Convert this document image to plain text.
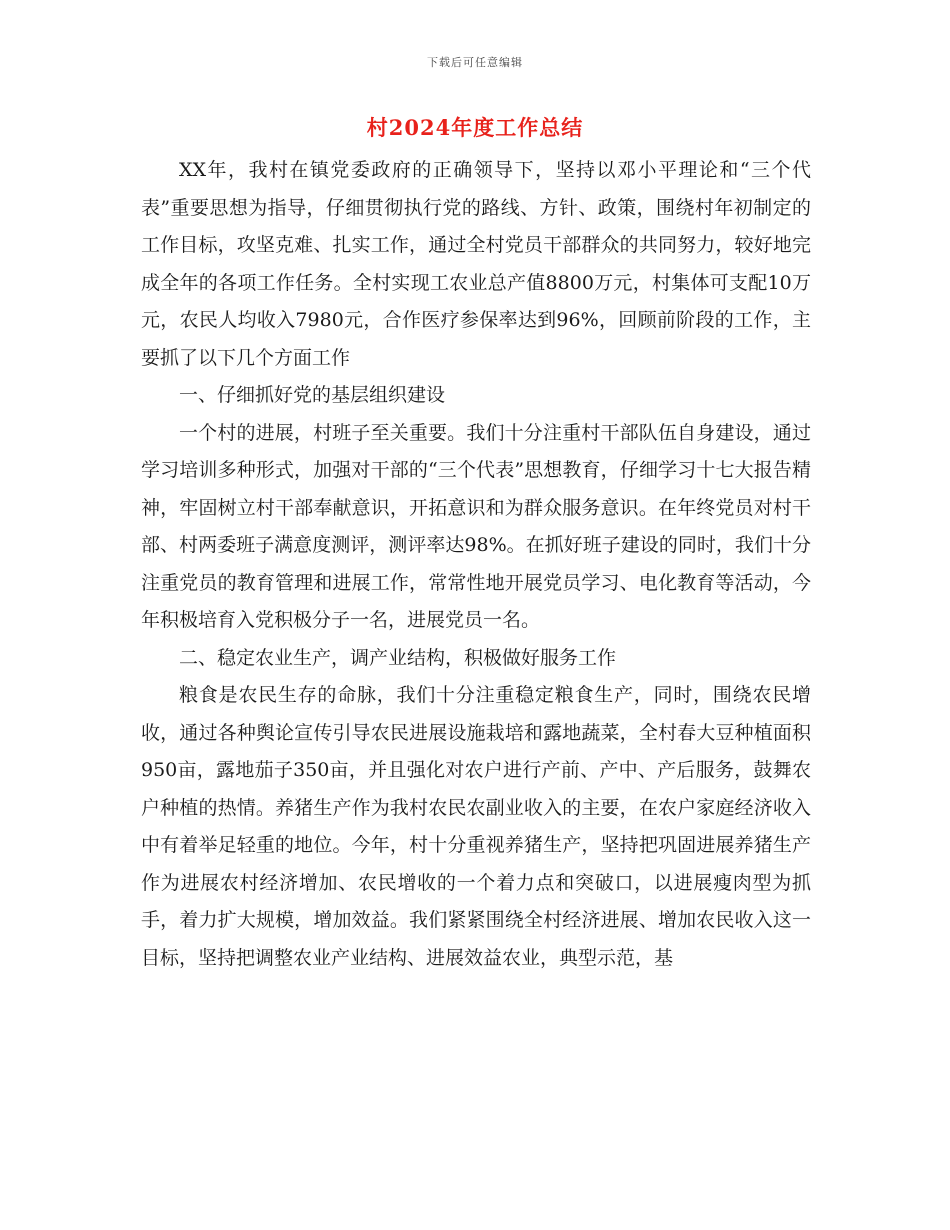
下载后可任意编辑
村2024年度工作总结

XX年，我村在镇党委政府的正确领导下，坚持以邓小平理论和“三个代表”重要思想为指导，仔细贯彻执行党的路线、方针、政策，围绕村年初制定的工作目标，攻坚克难、扎实工作，通过全村党员干部群众的共同努力，较好地完成全年的各项工作任务。全村实现工农业总产值8800万元，村集体可支配10万元，农民人均收入7980元，合作医疗参保率达到96%，回顾前阶段的工作，主要抓了以下几个方面工作

一、仔细抓好党的基层组织建设

一个村的进展，村班子至关重要。我们十分注重村干部队伍自身建设，通过学习培训多种形式，加强对干部的“三个代表”思想教育，仔细学习十七大报告精神，牢固树立村干部奉献意识，开拓意识和为群众服务意识。在年终党员对村干部、村两委班子满意度测评，测评率达98%。在抓好班子建设的同时，我们十分注重党员的教育管理和进展工作，常常性地开展党员学习、电化教育等活动，今年积极培育入党积极分子一名，进展党员一名。

二、稳定农业生产，调产业结构，积极做好服务工作

粮食是农民生存的命脉，我们十分注重稳定粮食生产，同时，围绕农民增收，通过各种舆论宣传引导农民进展设施栽培和露地蔬菜，全村春大豆种植面积950亩，露地茄子350亩，并且强化对农户进行产前、产中、产后服务，鼓舞农户种植的热情。养猪生产作为我村农民农副业收入的主要，在农户家庭经济收入中有着举足轻重的地位。今年，村十分重视养猪生产，坚持把巩固进展养猪生产作为进展农村经济增加、农民增收的一个着力点和突破口，以进展瘦肉型为抓手，着力扩大规模，增加效益。我们紧紧围绕全村经济进展、增加农民收入这一目标，坚持把调整农业产业结构、进展效益农业，典型示范，基
